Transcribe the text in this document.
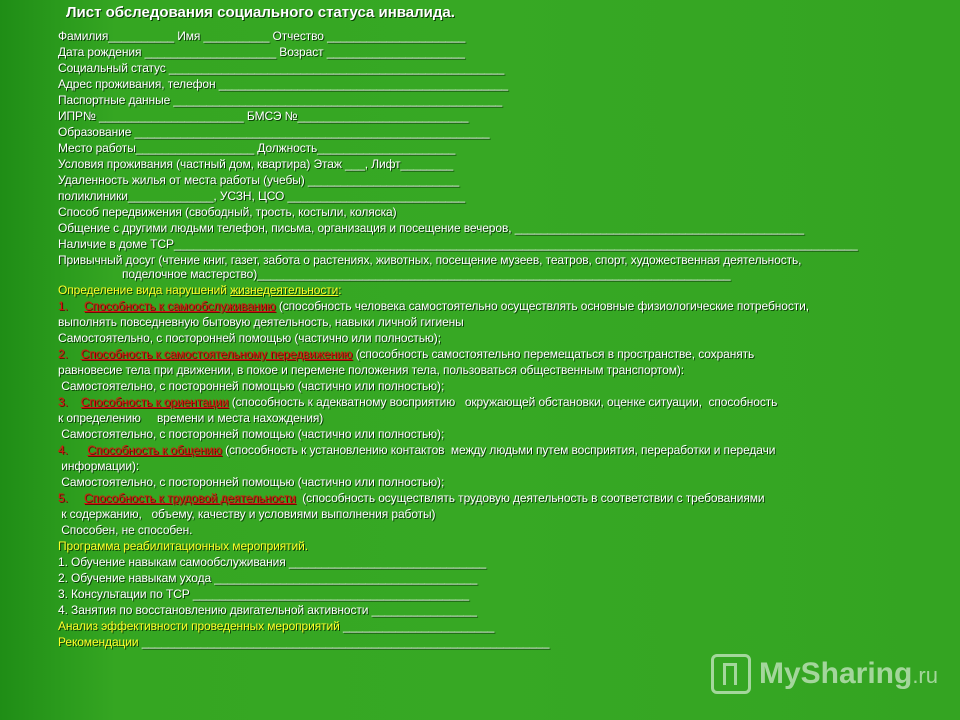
Лист обследования социального статуса инвалида.
Фамилия__________ Имя __________ Отчество _____________________
Дата рождения ____________________ Возраст _____________________
Социальный статус ___________________________________________________
Адрес проживания, телефон ____________________________________________
Паспортные данные __________________________________________________
ИПР№ ______________________ БМСЭ №__________________________
Образование ______________________________________________________
Место работы__________________ Должность_____________________
Условия проживания (частный дом, квартира) Этаж ___, Лифт________
Удаленность жилья от места работы (учебы) _______________________
поликлиники_____________, УСЗН, ЦСО ___________________________
Способ передвижения (свободный, трость, костыли, коляска)
Общение с другими людьми телефон, письма, организация и посещение вечеров, ____________________________________________
Наличие в доме ТСР________________________________________________________________________________________________________
Привычный досуг (чтение книг, газет, забота о растениях, животных, посещение музеев, театров, спорт, художественная деятельность,
поделочное мастерство)________________________________________________________________________
Определение вида нарушений жизнедеятельности:
1.     Способность к самообслуживанию (способность человека самостоятельно осуществлять основные физиологические потребности,
выполнять повседневную бытовую деятельность, навыки личной гигиены
Самостоятельно, с посторонней помощью (частично или полностью);
2.    Способность к самостоятельному передвижению (способность самостоятельно перемещаться в пространстве, сохранять
равновесие тела при движении, в покое и перемене положения тела, пользоваться общественным транспортом):
Самостоятельно, с посторонней помощью (частично или полностью);
3.    Способность к ориентации (способность к адекватному восприятию   окружающей обстановки, оценке ситуации,  способность
к определению     времени и места нахождения)
Самостоятельно, с посторонней помощью (частично или полностью);
4.      Способность к общению (способность к установлению контактов  между людьми путем восприятия, переработки и передачи
информации):
Самостоятельно, с посторонней помощью (частично или полностью);
5.     Способность к трудовой деятельности  (способность осуществлять трудовую деятельность в соответствии с требованиями
к содержанию,   объему, качеству и условиями выполнения работы)
Способен, не способен.
Программа реабилитационных мероприятий.
1. Обучение навыкам самообслуживания ______________________________
2. Обучение навыкам ухода ________________________________________
3. Консультации по ТСР __________________________________________
4. Занятия по восстановлению двигательной активности ________________
Анализ эффективности проведенных мероприятий _______________________
Рекомендации ______________________________________________________________
MySharing.ru
